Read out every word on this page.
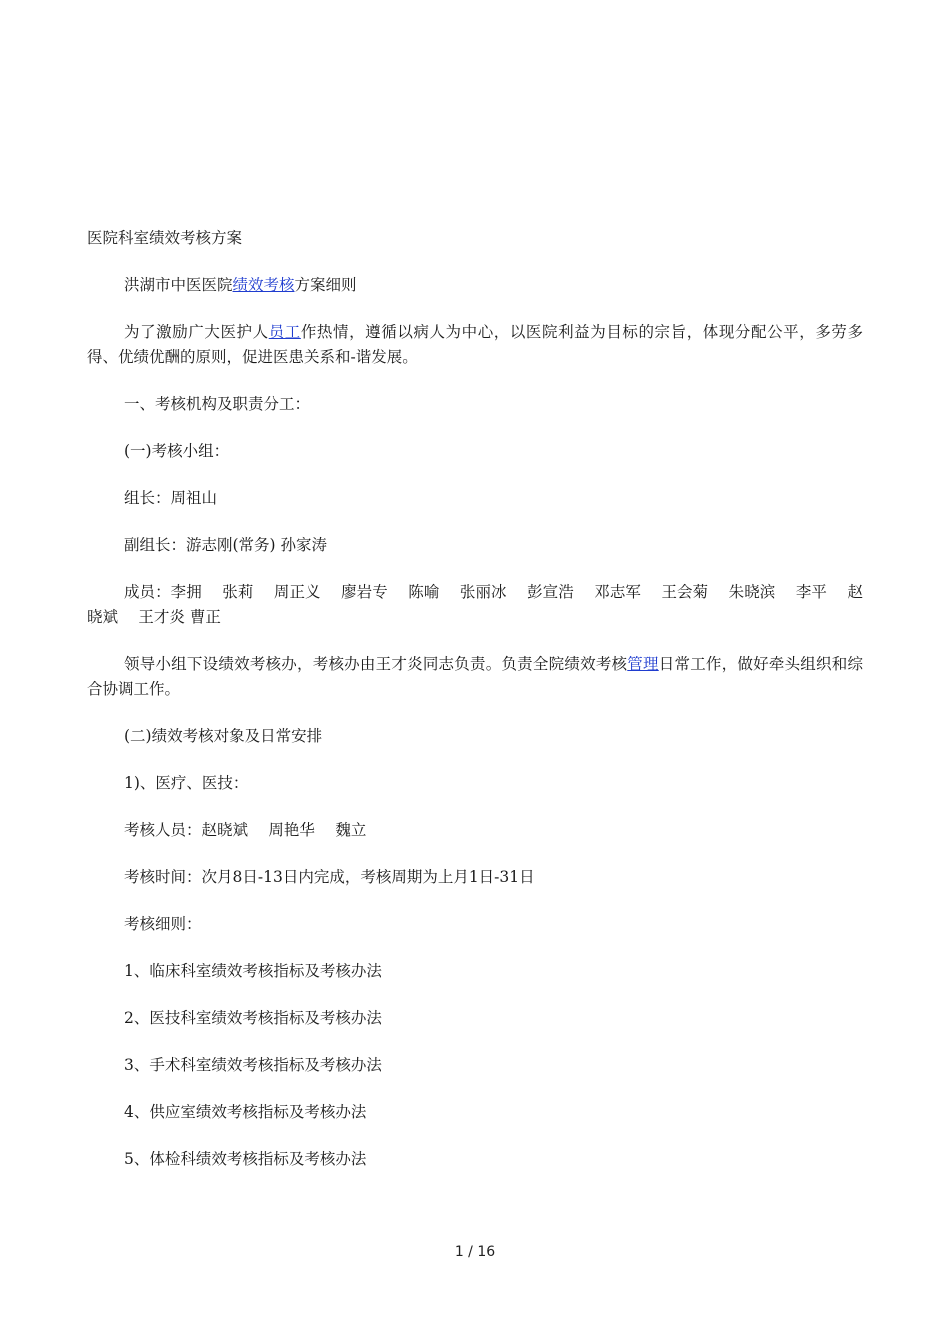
医院科室绩效考核方案

洪湖市中医医院绩效考核方案细则

为了激励广大医护人员工作热情，遵循以病人为中心，以医院利益为目标的宗旨，体现分配公平，多劳多得、优绩优酬的原则，促进医患关系和-谐发展。

一、考核机构及职责分工：

(一)考核小组：

组长：周祖山

副组长：游志刚(常务) 孙家涛

成员：李拥　 张莉　 周正义　 廖岩专　 陈喻　 张丽冰　 彭宣浩　 邓志军　 王会菊　 朱晓滨　 李平　 赵晓斌　 王才炎 曹正

领导小组下设绩效考核办，考核办由王才炎同志负责。负责全院绩效考核管理日常工作，做好牵头组织和综合协调工作。

(二)绩效考核对象及日常安排

1)、医疗、医技：

考核人员：赵晓斌　 周艳华　 魏立

考核时间：次月8日-13日内完成，考核周期为上月1日-31日

考核细则：

1、临床科室绩效考核指标及考核办法

2、医技科室绩效考核指标及考核办法

3、手术科室绩效考核指标及考核办法

4、供应室绩效考核指标及考核办法

5、体检科绩效考核指标及考核办法

1 / 16
